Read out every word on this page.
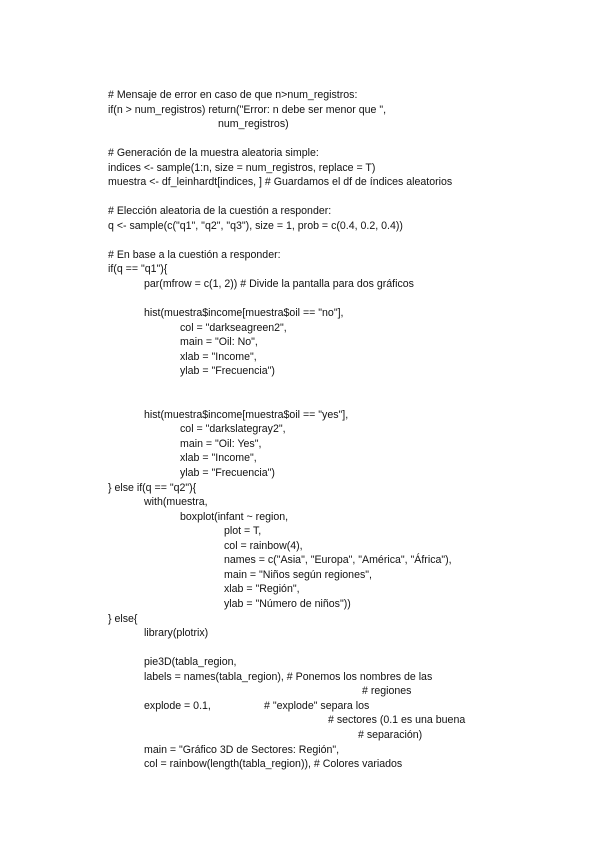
# Mensaje de error en caso de que n>num_registros:
if(n > num_registros) return("Error: n debe ser menor que ",
num_registros)
# Generación de la muestra aleatoria simple:
indices <- sample(1:n, size = num_registros, replace = T)
muestra <- df_leinhardt[indices, ] # Guardamos el df de índices aleatorios
# Elección aleatoria de la cuestión a responder:
q <- sample(c("q1", "q2", "q3"), size = 1, prob = c(0.4, 0.2, 0.4))
# En base a la cuestión a responder:
if(q == "q1"){
par(mfrow = c(1, 2)) # Divide la pantalla para dos gráficos
hist(muestra$income[muestra$oil == "no"],
col = "darkseagreen2",
main = "Oil: No",
xlab = "Income",
ylab = "Frecuencia")
hist(muestra$income[muestra$oil == "yes"],
col = "darkslategray2",
main = "Oil: Yes",
xlab = "Income",
ylab = "Frecuencia")
} else if(q == "q2"){
with(muestra,
boxplot(infant ~ region,
plot = T,
col = rainbow(4),
names = c("Asia", "Europa", "América", "África"),
main = "Niños según regiones",
xlab = "Región",
ylab = "Número de niños"))
} else{
library(plotrix)
pie3D(tabla_region,
labels = names(tabla_region), # Ponemos los nombres de las
# regiones
explode = 0.1,	# "explode" separa los
# sectores (0.1 es una buena
# separación)
main = "Gráfico 3D de Sectores: Región",
col = rainbow(length(tabla_region)), # Colores variados
